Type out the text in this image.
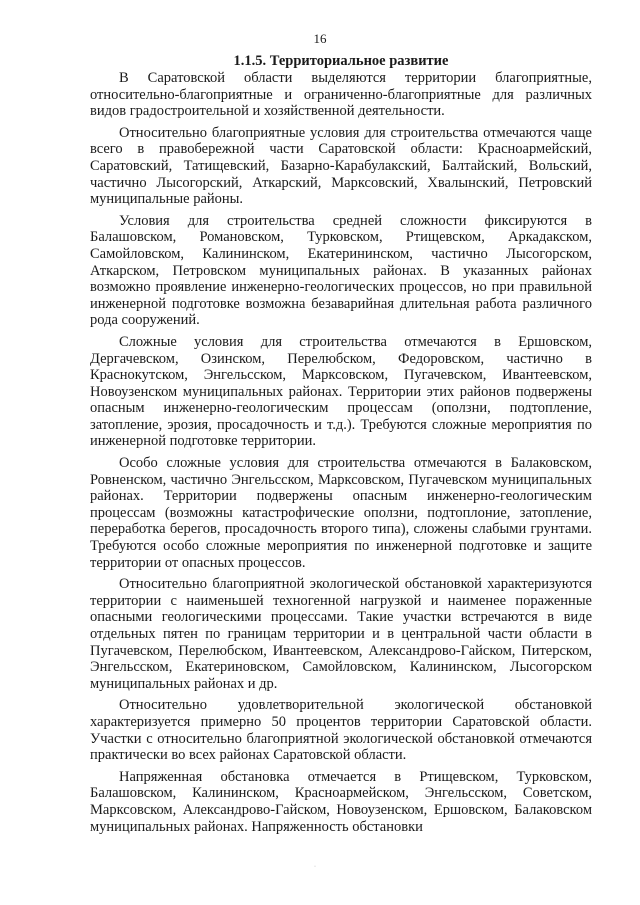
16

1.1.5. Территориальное развитие

В Саратовской области выделяются территории благоприятные, относительно-благоприятные и ограниченно-благоприятные для различных видов градостроительной и хозяйственной деятельности.

Относительно благоприятные условия для строительства отмечаются чаще всего в правобережной части Саратовской области: Красноармейский, Саратовский, Татищевский, Базарно-Карабулакский, Балтайский, Вольский, частично Лысогорский, Аткарский, Марксовский, Хвалынский, Петровский муниципальные районы.

Условия для строительства средней сложности фиксируются в Балашовском, Романовском, Турковском, Ртищевском, Аркадакском, Самойловском, Калининском, Екатерининском, частично Лысогорском, Аткарском, Петровском муниципальных районах. В указанных районах возможно проявление инженерно-геологических процессов, но при правильной инженерной подготовке возможна безаварийная длительная работа различного рода сооружений.

Сложные условия для строительства отмечаются в Ершовском, Дергачевском, Озинском, Перелюбском, Федоровском, частично в Краснокутском, Энгельсском, Марксовском, Пугачевском, Ивантеевском, Новоузенском муниципальных районах. Территории этих районов подвержены опасным инженерно-геологическим процессам (оползни, подтопление, затопление, эрозия, просадочность и т.д.). Требуются сложные мероприятия по инженерной подготовке территории.

Особо сложные условия для строительства отмечаются в Балаковском, Ровненском, частично Энгельсском, Марксовском, Пугачевском муниципальных районах. Территории подвержены опасным инженерно-геологическим процессам (возможны катастрофические оползни, подтоплоние, затопление, переработка берегов, просадочность второго типа), сложены слабыми грунтами. Требуются особо сложные мероприятия по инженерной подготовке и защите территории от опасных процессов.

Относительно благоприятной экологической обстановкой характеризуются территории с наименьшей техногенной нагрузкой и наименее пораженные опасными геологическими процессами. Такие участки встречаются в виде отдельных пятен по границам территории и в центральной части области в Пугачевском, Перелюбском, Ивантеевском, Александрово-Гайском, Питерском, Энгельсском, Екатериновском, Самойловском, Калининском, Лысогорском муниципальных районах и др.

Относительно удовлетворительной экологической обстановкой характеризуется примерно 50 процентов территории Саратовской области. Участки с относительно благоприятной экологической обстановкой отмечаются практически во всех районах Саратовской области.

Напряженная обстановка отмечается в Ртищевском, Турковском, Балашовском, Калининском, Красноармейском, Энгельсском, Советском, Марксовском, Александрово-Гайском, Новоузенском, Ершовском, Балаковском муниципальных районах. Напряженность обстановки

·
